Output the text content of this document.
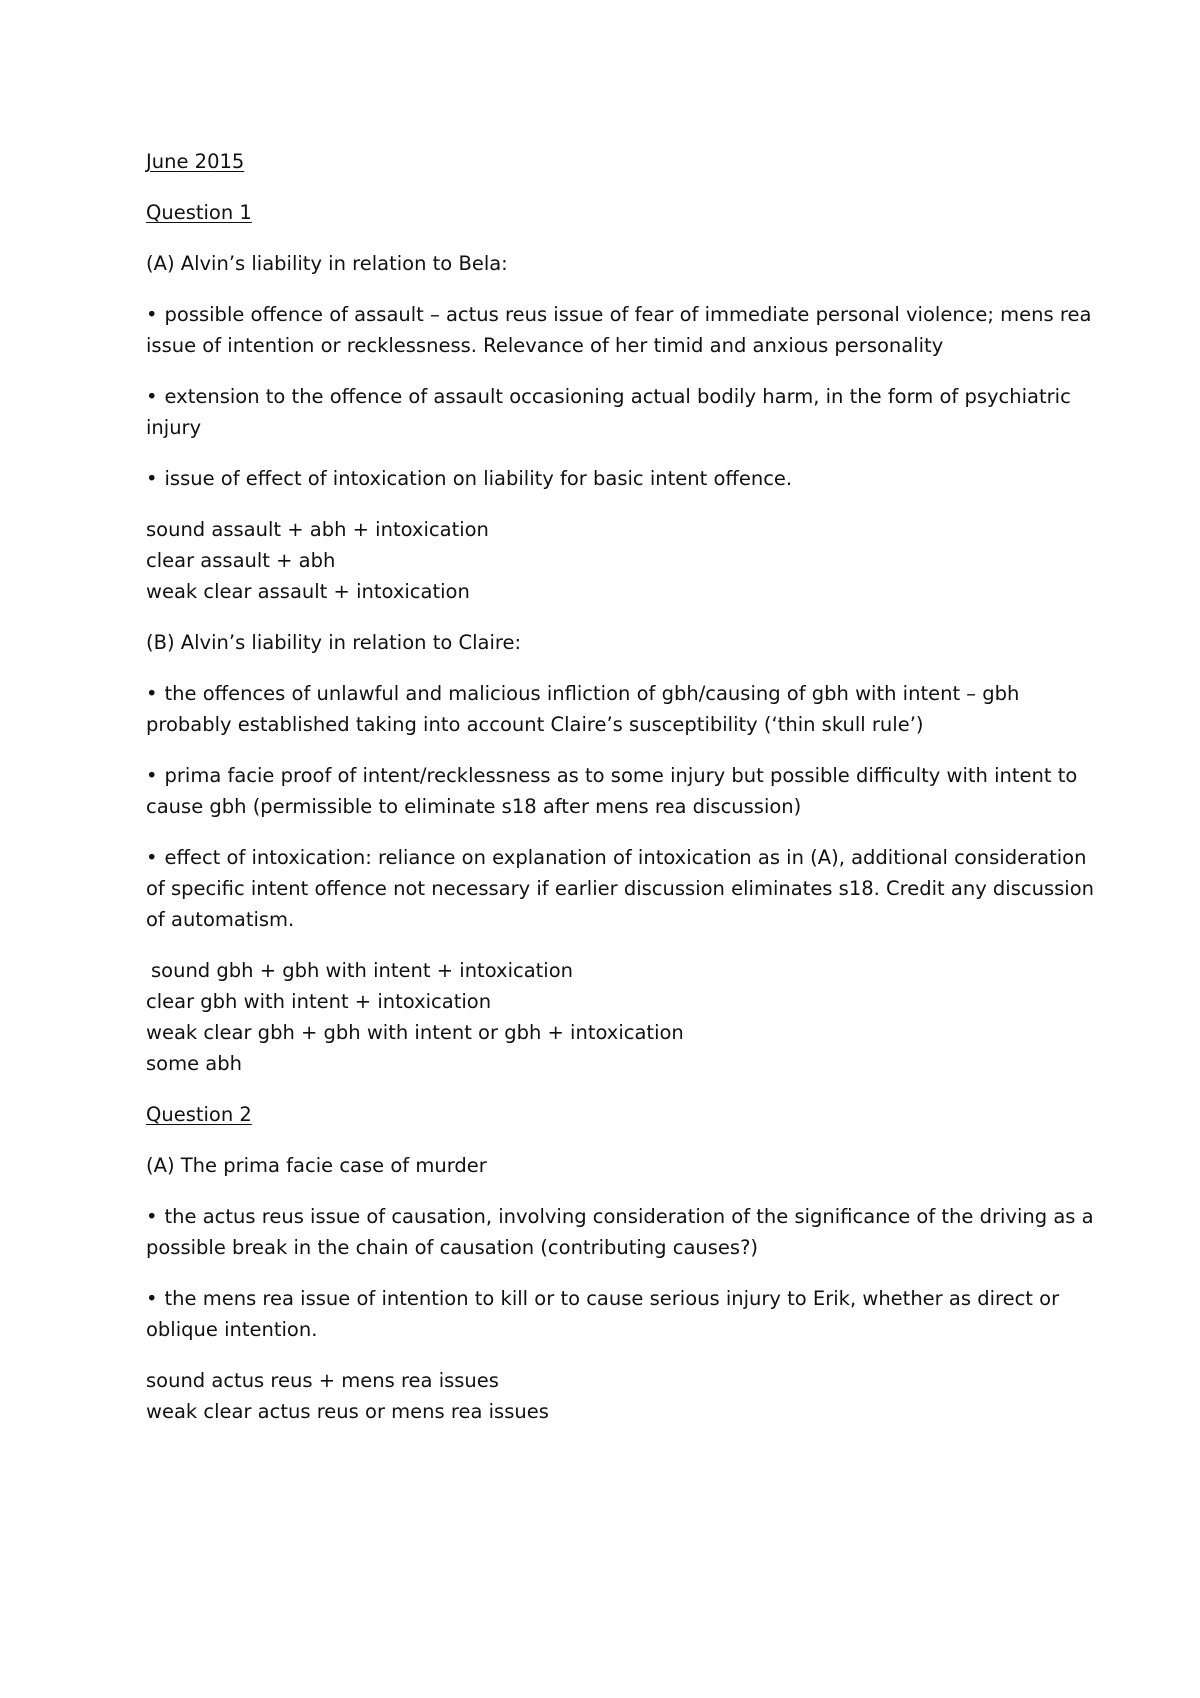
June 2015
Question 1
(A) Alvin’s liability in relation to Bela:
• possible offence of assault – actus reus issue of fear of immediate personal violence; mens rea issue of intention or recklessness. Relevance of her timid and anxious personality
• extension to the offence of assault occasioning actual bodily harm, in the form of psychiatric injury
• issue of effect of intoxication on liability for basic intent offence.
sound assault + abh + intoxication
clear assault + abh
weak clear assault + intoxication
(B) Alvin’s liability in relation to Claire:
• the offences of unlawful and malicious infliction of gbh/causing of gbh with intent – gbh probably established taking into account Claire’s susceptibility (‘thin skull rule’)
• prima facie proof of intent/recklessness as to some injury but possible difficulty with intent to cause gbh (permissible to eliminate s18 after mens rea discussion)
• effect of intoxication: reliance on explanation of intoxication as in (A), additional consideration of specific intent offence not necessary if earlier discussion eliminates s18. Credit any discussion of automatism.
sound gbh + gbh with intent + intoxication
clear gbh with intent + intoxication
weak clear gbh + gbh with intent or gbh + intoxication
some abh
Question 2
(A) The prima facie case of murder
• the actus reus issue of causation, involving consideration of the significance of the driving as a possible break in the chain of causation (contributing causes?)
• the mens rea issue of intention to kill or to cause serious injury to Erik, whether as direct or oblique intention.
sound actus reus + mens rea issues
weak clear actus reus or mens rea issues
